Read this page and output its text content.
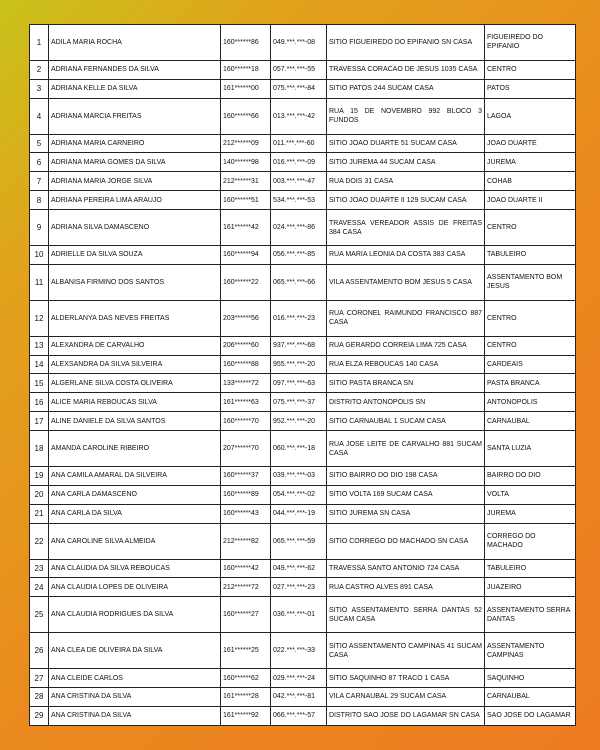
1	ADILA MARIA ROCHA	160******86	049.***.***-08	SITIO FIGUEIREDO DO EPIFANIO SN CASA	FIGUEIREDO DO EPIFANIO
2	ADRIANA FERNANDES DA SILVA	160******18	057.***.***-55	TRAVESSA CORACAO DE JESUS 1035 CASA	CENTRO
3	ADRIANA KELLE DA SILVA	161******00	075.***.***-84	SITIO PATOS 244 SUCAM CASA	PATOS
4	ADRIANA MARCIA FREITAS	160******66	013.***.***-42	RUA 15 DE NOVEMBRO 992 BLOCO 3 FUNDOS	LAGOA
5	ADRIANA MARIA CARNEIRO	212******09	011.***.***-60	SITIO JOAO DUARTE 51 SUCAM CASA	JOAO DUARTE
6	ADRIANA MARIA GOMES DA SILVA	140******98	016.***.***-09	SITIO JUREMA 44 SUCAM CASA	JUREMA
7	ADRIANA MARIA JORGE SILVA	212******31	003.***.***-47	RUA DOIS 31 CASA	COHAB
8	ADRIANA PEREIRA LIMA ARAUJO	160******51	534.***.***-53	SITIO JOAO DUARTE II 129 SUCAM CASA	JOAO DUARTE II
9	ADRIANA SILVA DAMASCENO	161******42	024.***.***-86	TRAVESSA VEREADOR ASSIS DE FREITAS 384 CASA	CENTRO
10	ADRIELLE DA SILVA SOUZA	160******94	056.***.***-85	RUA MARIA LEONIA DA COSTA 383 CASA	TABULEIRO
11	ALBANISA FIRMINO DOS SANTOS	160******22	065.***.***-66	VILA ASSENTAMENTO BOM JESUS 5 CASA	ASSENTAMENTO BOM JESUS
12	ALDERLANYA DAS NEVES FREITAS	203******56	016.***.***-23	RUA CORONEL RAIMUNDO FRANCISCO 887 CASA	CENTRO
13	ALEXANDRA DE CARVALHO	206******60	937.***.***-68	RUA GERARDO CORREIA LIMA 725 CASA	CENTRO
14	ALEXSANDRA DA SILVA SILVEIRA	160******88	955.***.***-20	RUA ELZA REBOUCAS 140 CASA	CARDEAIS
15	ALGERLANE SILVA COSTA OLIVEIRA	133******72	097.***.***-63	SITIO PASTA BRANCA SN	PASTA BRANCA
16	ALICE MARIA REBOUCAS SILVA	161******63	075.***.***-37	DISTRITO ANTONOPOLIS SN	ANTONOPOLIS
17	ALINE DANIELE DA SILVA SANTOS	160******70	952.***.***-20	SITIO CARNAUBAL 1 SUCAM CASA	CARNAUBAL
18	AMANDA CAROLINE RIBEIRO	207******70	060.***.***-18	RUA JOSE LEITE DE CARVALHO 881 SUCAM CASA	SANTA LUZIA
19	ANA CAMILA AMARAL DA SILVEIRA	160******37	039.***.***-03	SITIO BAIRRO DO DIO 198 CASA	BAIRRO DO DIO
20	ANA CARLA DAMASCENO	160******89	054.***.***-02	SITIO VOLTA 169 SUCAM CASA	VOLTA
21	ANA CARLA DA SILVA	160******43	044.***.***-19	SITIO JUREMA SN CASA	JUREMA
22	ANA CAROLINE SILVA ALMEIDA	212******82	065.***.***-59	SITIO CORREGO DO MACHADO SN CASA	CORREGO DO MACHADO
23	ANA CLAUDIA DA SILVA REBOUCAS	160******42	049.***.***-62	TRAVESSA SANTO ANTONIO 724 CASA	TABULEIRO
24	ANA CLAUDIA LOPES DE OLIVEIRA	212******72	027.***.***-23	RUA CASTRO ALVES 891 CASA	JUAZEIRO
25	ANA CLAUDIA RODRIGUES DA SILVA	160******27	036.***.***-01	SITIO ASSENTAMENTO SERRA DANTAS 52 SUCAM CASA	ASSENTAMENTO SERRA DANTAS
26	ANA CLEA DE OLIVEIRA DA SILVA	161******25	022.***.***-33	SITIO ASSENTAMENTO CAMPINAS 41 SUCAM CASA	ASSENTAMENTO CAMPINAS
27	ANA CLEIDE CARLOS	160******62	029.***.***-24	SITIO SAQUINHO 87 TRACO 1 CASA	SAQUINHO
28	ANA CRISTINA DA SILVA	161******28	042.***.***-81	VILA CARNAUBAL 29 SUCAM CASA	CARNAUBAL
29	ANA CRISTINA DA SILVA	161******92	066.***.***-57	DISTRITO SAO JOSE DO LAGAMAR SN CASA	SAO JOSE DO LAGAMAR
